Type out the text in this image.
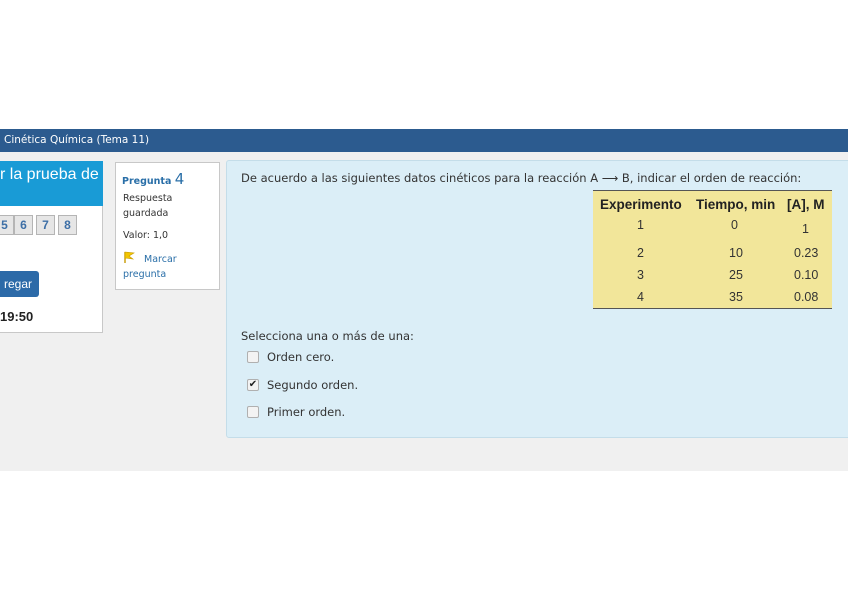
Cinética Química (Tema 11)
r la prueba de
5	6	7	8
regar
19:50
Pregunta 4
Respuesta
guardada
Valor: 1,0
Marcar
pregunta
De acuerdo a las siguientes datos cinéticos para la reacción A ⟶ B, indicar el orden de reacción:
Experimento Tiempo, min [A], M
1	0	1
2	10	0.23
3	25	0.10
4	35	0.08
Selecciona una o más de una:
Orden cero.
✔ Segundo orden.
Primer orden.
